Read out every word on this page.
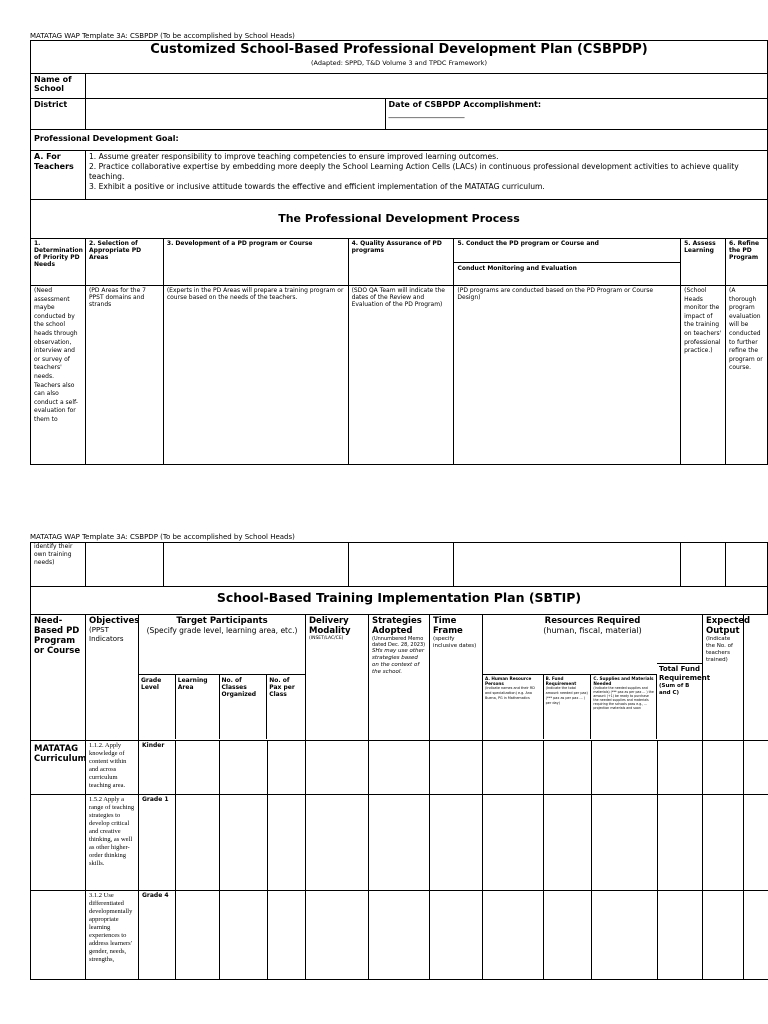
MATATAG WAP Template 3A: CSBPDP (To be accomplished by School Heads)
Customized School-Based Professional Development Plan (CSBPDP)
(Adapted: SPPD, T&D Volume 3 and TPDC Framework)
Name of School
District	Date of CSBPDP Accomplishment:
___________________
Professional Development Goal:
A. For Teachers
1. Assume greater responsibility to improve teaching competencies to ensure improved learning outcomes.
2. Practice collaborative expertise by embedding more deeply the School Learning Action Cells (LACs) in continuous professional development activities to achieve quality teaching.
3. Exhibit a positive or inclusive attitude towards the effective and efficient implementation of the MATATAG curriculum.
The Professional Development Process
1. Determination of Priority PD Needs
2. Selection of Appropriate PD Areas
3. Development of a PD program or Course	4. Quality Assurance of PD programs
5. Conduct the PD program or Course and
Conduct Monitoring and Evaluation
5. Assess Learning
6. Refine the PD Program
(Need assessment maybe conducted by the school heads through observation, interview and or survey of teachers' needs. Teachers also can also conduct a self-evaluation for them to
(PD Areas for the 7 PPST domains and strands
(Experts in the PD Areas will prepare a training program or course based on the needs of the teachers.
(SDO QA Team will indicate the dates of the Review and Evaluation of the PD Program)
(PD programs are conducted based on the PD Program or Course Design)
(School Heads monitor the impact of the training on teachers' professional practice.)
(A thorough program evaluation will be conducted to further refine the program or course.
MATATAG WAP Template 3A: CSBPDP (To be accomplished by School Heads)
identify their own training needs)
School-Based Training Implementation Plan (SBTIP)
Need-Based PD Program or Course
Objectives
(PPST Indicators
Target Participants
(Specify grade level, learning area, etc.)
Grade Level
Learning Area
No. of Classes Organized
No. of Pax per Class
Delivery Modality
(INSET/LAC/CE)
Strategies Adopted
(Unnumbered Memo dated Dec. 28, 2023)
SHs may use other strategies based on the context of the school.
Time Frame
(specify inclusive dates)
Resources Required
(human, fiscal, material)
A. Human Resource Persons
(Indicate names and their RD and specialization) e.g. Ana Buena, PG in Mathematics
B. Fund Requirement
(Indicate the total amount needed per pax) (*** pax as per pax ... ) per day)
C. Supplies and Materials Needed
(Indicate the needed supplies and materials) (*** pax as per pax ... ) the amount (+1) be ready to purchase the needed supplies and materials requiring the schools pass e.g., ... projection materials and soon
Total Fund Requirement
(Sum of B and C)
Expected Output
(Indicate the No. of teachers trained)
MATATAG Curriculum
1.1.2. Apply knowledge of content within and across curriculum teaching area.
Kinder
1.5.2 Apply a range of teaching strategies to develop critical and creative thinking, as well as other higher-order thinking skills.
Grade 1
3.1.2 Use differentiated developmentally appropriate learning experiences to address learners' gender, needs, strengths,
Grade 4
